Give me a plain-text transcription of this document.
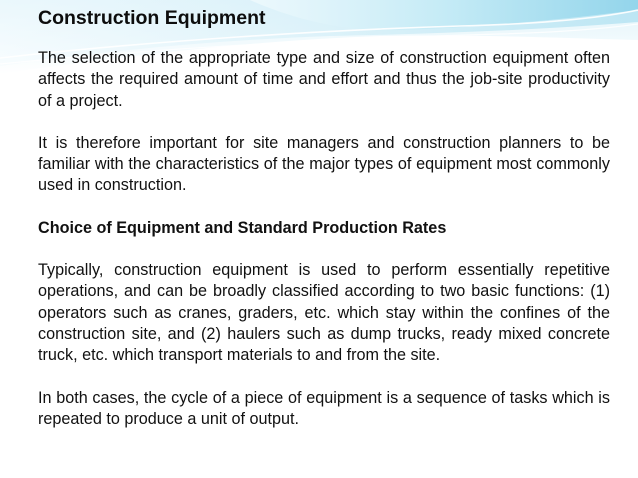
Construction Equipment

The selection of the appropriate type and size of construction equipment often affects the required amount of time and effort and thus the job-site productivity of a project.

It is therefore important for site managers and construction planners to be familiar with the characteristics of the major types of equipment most commonly used in construction.

Choice of Equipment and Standard Production Rates

Typically, construction equipment is used to perform essentially repetitive operations, and can be broadly classified according to two basic functions: (1) operators such as cranes, graders, etc. which stay within the confines of the construction site, and (2) haulers such as dump trucks, ready mixed concrete truck, etc. which transport materials to and from the site.

In both cases, the cycle of a piece of equipment is a sequence of tasks which is repeated to produce a unit of output.
